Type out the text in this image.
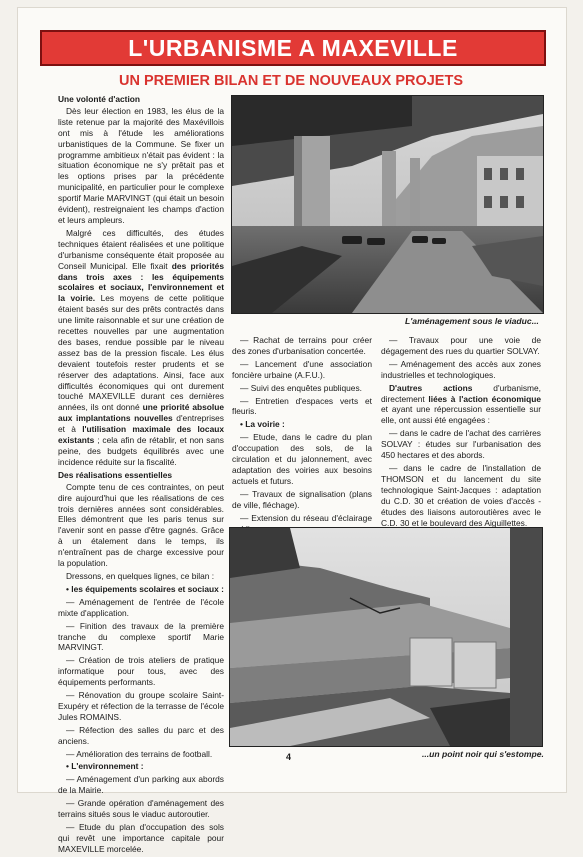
L'URBANISME A MAXEVILLE
UN PREMIER BILAN ET DE NOUVEAUX PROJETS

Une volonté d'action

Dès leur élection en 1983, les élus de la liste retenue par la majorité des Maxévillois ont mis à l'étude les améliorations urbanistiques de la Commune. Se fixer un programme ambitieux n'était pas évident : la situation économique ne s'y prêtait pas et les options prises par la précédente municipalité, en particulier pour le complexe sportif Marie MARVINGT (qui était un besoin évident), restreignaient les champs d'action et leurs ampleurs.

Malgré ces difficultés, des études techniques étaient réalisées et une politique d'urbanisme conséquente était proposée au Conseil Municipal. Elle fixait des priorités dans trois axes : les équipements scolaires et sociaux, l'environnement et la voirie. Les moyens de cette politique étaient basés sur des prêts contractés dans une limite raisonnable et sur une création de recettes nouvelles par une augmentation des bases, rendue possible par le niveau assez bas de la pression fiscale. Les élus devaient toutefois rester prudents et se réserver des adaptations. Ainsi, face aux difficultés économiques qui ont durement touché MAXEVILLE durant ces dernières années, ils ont donné une priorité absolue aux implantations nouvelles d'entreprises et à l'utilisation maximale des locaux existants ; cela afin de rétablir, et non sans peine, des budgets équilibrés avec une incidence réduite sur la fiscalité.

Des réalisations essentielles

Compte tenu de ces contraintes, on peut dire aujourd'hui que les réalisations de ces trois dernières années sont considérables. Elles démontrent que les paris tenus sur l'avenir sont en passe d'être gagnés. Grâce à un étalement dans le temps, ils n'entraînent pas de charge excessive pour la population.

Dressons, en quelques lignes, ce bilan :

• les équipements scolaires et sociaux :

— Aménagement de l'entrée de l'école mixte d'application.

— Finition des travaux de la première tranche du complexe sportif Marie MARVINGT.

— Création de trois ateliers de pratique informatique pour tous, avec des équipements performants.

— Rénovation du groupe scolaire Saint-Exupéry et réfection de la terrasse de l'école Jules ROMAINS.

— Réfection des salles du parc et des anciens.

— Amélioration des terrains de football.

• L'environnement :

— Aménagement d'un parking aux abords de la Mairie.

— Grande opération d'aménagement des terrains situés sous le viaduc autoroutier.

— Etude du plan d'occupation des sols qui revêt une importance capitale pour MAXEVILLE morcelée.

L'aménagement sous le viaduc...

— Rachat de terrains pour créer des zones d'urbanisation concertée.

— Lancement d'une association foncière urbaine (A.F.U.).

— Suivi des enquêtes publiques.

— Entretien d'espaces verts et fleuris.

• La voirie :

— Etude, dans le cadre du plan d'occupation des sols, de la circulation et du jalonnement, avec adaptation des voiries aux besoins actuels et futurs.

— Travaux de signalisation (plans de ville, fléchage).

— Extension du réseau d'éclairage

— Travaux pour une voie de dégagement des rues du quartier SOLVAY.

— Aménagement des accès aux zones industrielles et technologiques.

D'autres actions d'urbanisme, directement liées à l'action économique et ayant une répercussion essentielle sur elle, ont aussi été engagées :

— dans le cadre de l'achat des carrières SOLVAY : études sur l'urbanisation des 450 hectares et des abords.

— dans le cadre de l'installation de THOMSON et du lancement du site technologique Saint-Jacques : adaptation du C.D. 30 et création de voies d'accès - études des liaisons autoroutières avec le C.D. 30 et le boulevard des Aiguillettes.

...un point noir qui s'estompe.
4
